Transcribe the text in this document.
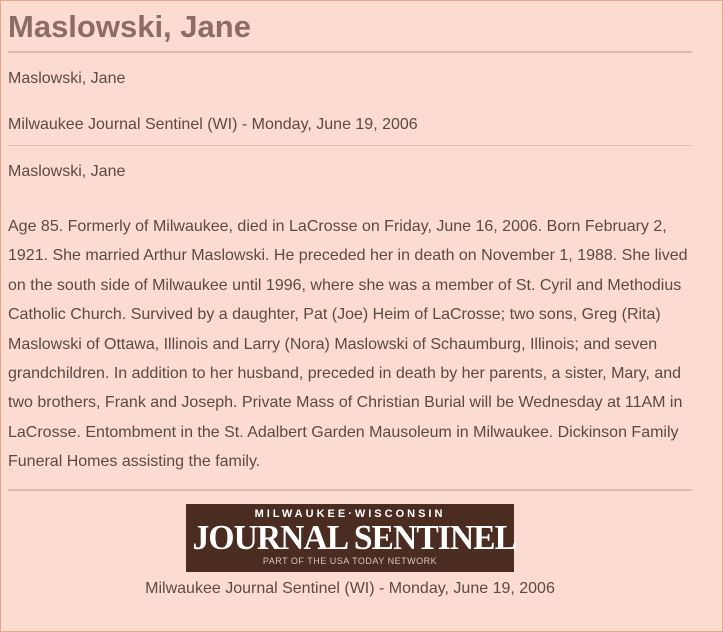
Maslowski, Jane
Maslowski, Jane
Milwaukee Journal Sentinel (WI) - Monday, June 19, 2006
Maslowski, Jane
Age 85. Formerly of Milwaukee, died in LaCrosse on Friday, June 16, 2006. Born February 2, 1921. She married Arthur Maslowski. He preceded her in death on November 1, 1988. She lived on the south side of Milwaukee until 1996, where she was a member of St. Cyril and Methodius Catholic Church. Survived by a daughter, Pat (Joe) Heim of LaCrosse; two sons, Greg (Rita) Maslowski of Ottawa, Illinois and Larry (Nora) Maslowski of Schaumburg, Illinois; and seven grandchildren. In addition to her husband, preceded in death by her parents, a sister, Mary, and two brothers, Frank and Joseph. Private Mass of Christian Burial will be Wednesday at 11AM in LaCrosse. Entombment in the St. Adalbert Garden Mausoleum in Milwaukee. Dickinson Family Funeral Homes assisting the family.
MILWAUKEE·WISCONSIN
JOURNAL SENTINEL
PART OF THE USA TODAY NETWORK
Milwaukee Journal Sentinel (WI) - Monday, June 19, 2006
